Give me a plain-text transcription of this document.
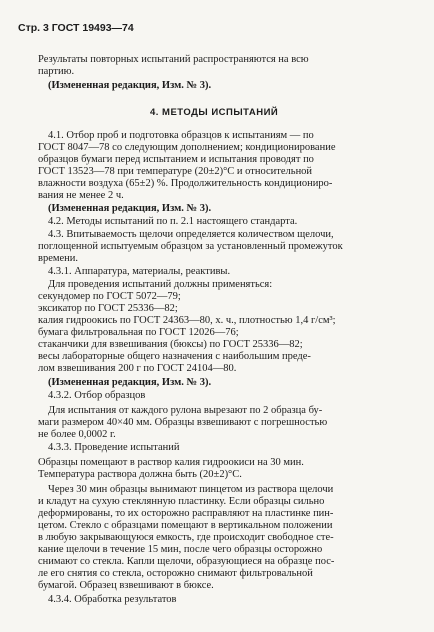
Стр. 3 ГОСТ 19493—74
Результаты повторных испытаний распространяются на всю
партию.
(Измененная редакция, Изм. № 3).
4. МЕТОДЫ ИСПЫТАНИЙ
4.1. Отбор проб и подготовка образцов к испытаниям — по
ГОСТ 8047—78 со следующим дополнением; кондиционирование
образцов бумаги перед испытанием и испытания проводят по
ГОСТ 13523—78 при температуре (20±2)°C и относительной
влажности воздуха (65±2) %. Продолжительность кондициониро-
вания не менее 2 ч.
(Измененная редакция, Изм. № 3).
4.2. Методы испытаний по п. 2.1 настоящего стандарта.
4.3. Впитываемость щелочи определяется количеством щелочи,
поглощенной испытуемым образцом за установленный промежуток
времени.
4.3.1. Аппаратура, материалы, реактивы.
Для проведения испытаний должны применяться:
секундомер по ГОСТ 5072—79;
эксикатор по ГОСТ 25336—82;
калия гидроокись по ГОСТ 24363—80, х. ч., плотностью 1,4 г/см³;
бумага фильтровальная по ГОСТ 12026—76;
стаканчики для взвешивания (бюксы) по ГОСТ 25336—82;
весы лабораторные общего назначения с наибольшим преде-
лом взвешивания 200 г по ГОСТ 24104—80.
(Измененная редакция, Изм. № 3).
4.3.2. Отбор образцов
Для испытания от каждого рулона вырезают по 2 образца бу-
маги размером 40×40 мм. Образцы взвешивают с погрешностью
не более 0,0002 г.
4.3.3. Проведение испытаний
Образцы помещают в раствор калия гидроокиси на 30 мин.
Температура раствора должна быть (20±2)°C.
Через 30 мин образцы вынимают пинцетом из раствора щелочи
и кладут на сухую стеклянную пластинку. Если образцы сильно
деформированы, то их осторожно расправляют на пластинке пин-
цетом. Стекло с образцами помещают в вертикальном положении
в любую закрывающуюся емкость, где происходит свободное сте-
кание щелочи в течение 15 мин, после чего образцы осторожно
снимают со стекла. Капли щелочи, образующиеся на образце пос-
ле его снятия со стекла, осторожно снимают фильтровальной
бумагой. Образец взвешивают в бюксе.
4.3.4. Обработка результатов
